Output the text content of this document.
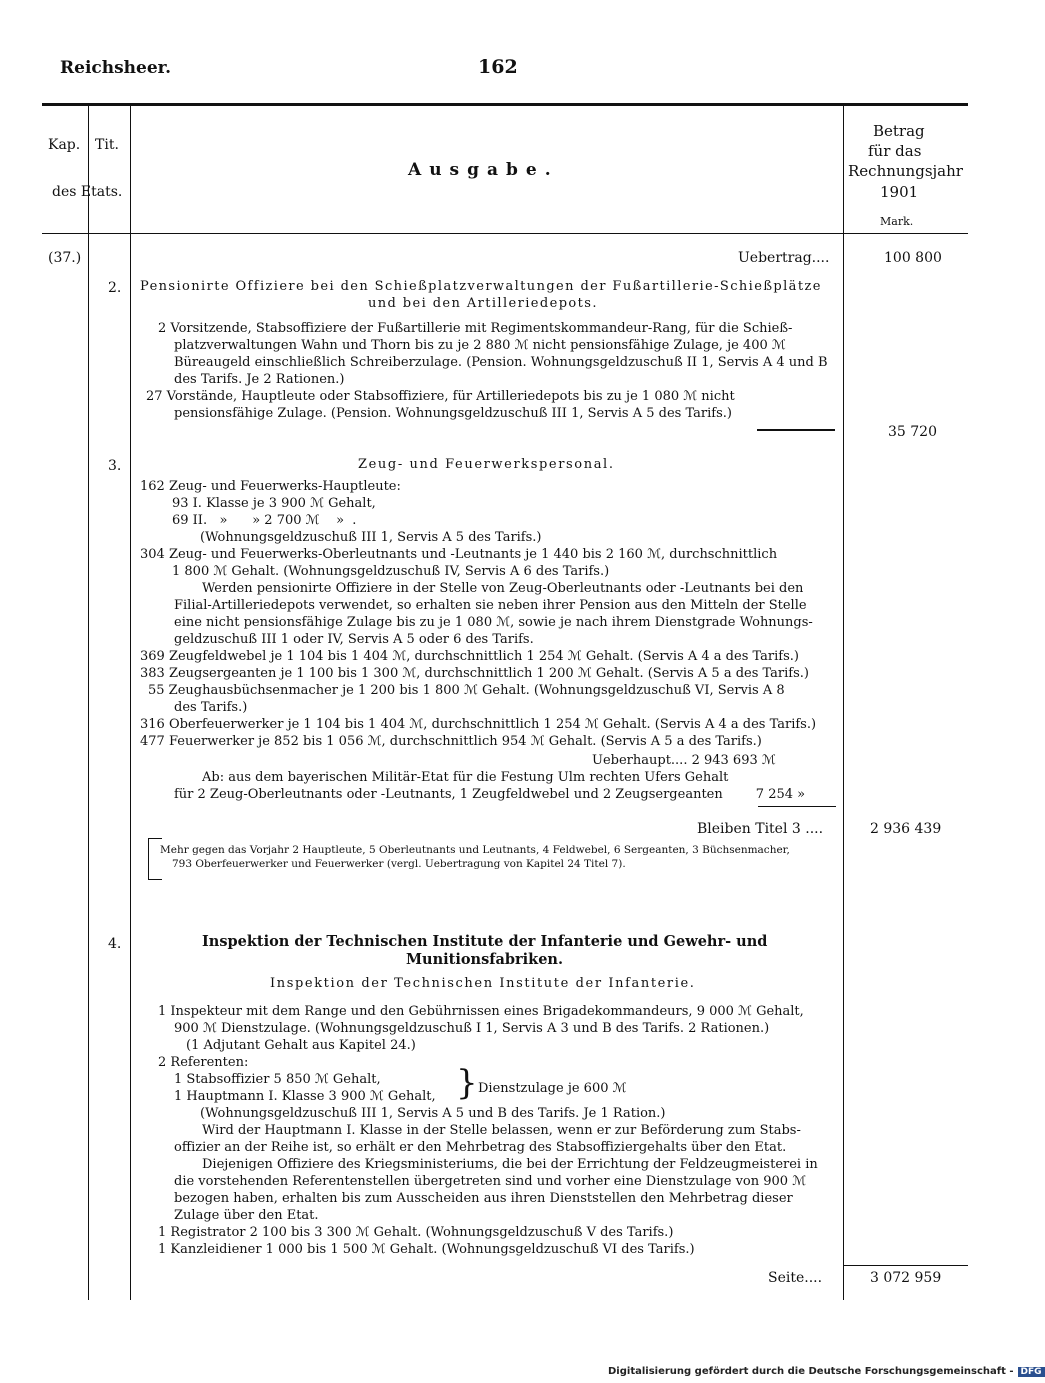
Reichsheer.	162
Kap. Tit.
des Etats.
Ausgabe.
Betrag
für das
Rechnungsjahr
1901
Mark.
(37.)	Uebertrag....	100 800
2. Pensionirte Offiziere bei den Schießplatzverwaltungen der Fußartillerie-Schießplätze
und bei den Artilleriedepots.
2 Vorsitzende, Stabsoffiziere der Fußartillerie mit Regimentskommandeur-Rang, für die Schieß-
platzverwaltungen Wahn und Thorn bis zu je 2 880 ℳ nicht pensionsfähige Zulage, je 400 ℳ
Büreaugeld einschließlich Schreiberzulage. (Pension. Wohnungsgeldzuschuß II 1, Servis A 4 und B
des Tarifs. Je 2 Rationen.)
27 Vorstände, Hauptleute oder Stabsoffiziere, für Artilleriedepots bis zu je 1 080 ℳ nicht
pensionsfähige Zulage. (Pension. Wohnungsgeldzuschuß III 1, Servis A 5 des Tarifs.)
35 720
3.	Zeug- und Feuerwerkspersonal.
162 Zeug- und Feuerwerks-Hauptleute:
93 I. Klasse je 3 900 ℳ Gehalt,
69 II.   »      » 2 700 ℳ    »  .
(Wohnungsgeldzuschuß III 1, Servis A 5 des Tarifs.)
304 Zeug- und Feuerwerks-Oberleutnants und -Leutnants je 1 440 bis 2 160 ℳ, durchschnittlich
1 800 ℳ Gehalt. (Wohnungsgeldzuschuß IV, Servis A 6 des Tarifs.)
Werden pensionirte Offiziere in der Stelle von Zeug-Oberleutnants oder -Leutnants bei den
Filial-Artilleriedepots verwendet, so erhalten sie neben ihrer Pension aus den Mitteln der Stelle
eine nicht pensionsfähige Zulage bis zu je 1 080 ℳ, sowie je nach ihrem Dienstgrade Wohnungs-
geldzuschuß III 1 oder IV, Servis A 5 oder 6 des Tarifs.
369 Zeugfeldwebel je 1 104 bis 1 404 ℳ, durchschnittlich 1 254 ℳ Gehalt. (Servis A 4 a des Tarifs.)
383 Zeugsergeanten je 1 100 bis 1 300 ℳ, durchschnittlich 1 200 ℳ Gehalt. (Servis A 5 a des Tarifs.)
55 Zeughausbüchsenmacher je 1 200 bis 1 800 ℳ Gehalt. (Wohnungsgeldzuschuß VI, Servis A 8
des Tarifs.)
316 Oberfeuerwerker je 1 104 bis 1 404 ℳ, durchschnittlich 1 254 ℳ Gehalt. (Servis A 4 a des Tarifs.)
477 Feuerwerker je 852 bis 1 056 ℳ, durchschnittlich 954 ℳ Gehalt. (Servis A 5 a des Tarifs.)
Ueberhaupt.... 2 943 693 ℳ
Ab: aus dem bayerischen Militär-Etat für die Festung Ulm rechten Ufers Gehalt
für 2 Zeug-Oberleutnants oder -Leutnants, 1 Zeugfeldwebel und 2 Zeugsergeanten        7 254 »
Bleiben Titel 3 ....	2 936 439
Mehr gegen das Vorjahr 2 Hauptleute, 5 Oberleutnants und Leutnants, 4 Feldwebel, 6 Sergeanten, 3 Büchsenmacher,
793 Oberfeuerwerker und Feuerwerker (vergl. Uebertragung von Kapitel 24 Titel 7).
4.	Inspektion der Technischen Institute der Infanterie und Gewehr- und
Munitionsfabriken.
Inspektion der Technischen Institute der Infanterie.
1 Inspekteur mit dem Range und den Gebührnissen eines Brigadekommandeurs, 9 000 ℳ Gehalt,
900 ℳ Dienstzulage. (Wohnungsgeldzuschuß I 1, Servis A 3 und B des Tarifs. 2 Rationen.)
(1 Adjutant Gehalt aus Kapitel 24.)
2 Referenten:
1 Stabsoffizier 5 850 ℳ Gehalt,
1 Hauptmann I. Klasse 3 900 ℳ Gehalt, } Dienstzulage je 600 ℳ
(Wohnungsgeldzuschuß III 1, Servis A 5 und B des Tarifs. Je 1 Ration.)
Wird der Hauptmann I. Klasse in der Stelle belassen, wenn er zur Beförderung zum Stabs-
offizier an der Reihe ist, so erhält er den Mehrbetrag des Stabsoffiziergehalts über den Etat.
Diejenigen Offiziere des Kriegsministeriums, die bei der Errichtung der Feldzeugmeisterei in
die vorstehenden Referentenstellen übergetreten sind und vorher eine Dienstzulage von 900 ℳ
bezogen haben, erhalten bis zum Ausscheiden aus ihren Dienststellen den Mehrbetrag dieser
Zulage über den Etat.
1 Registrator 2 100 bis 3 300 ℳ Gehalt. (Wohnungsgeldzuschuß V des Tarifs.)
1 Kanzleidiener 1 000 bis 1 500 ℳ Gehalt. (Wohnungsgeldzuschuß VI des Tarifs.)
Seite....	3 072 959
Digitalisierung gefördert durch die Deutsche Forschungsgemeinschaft - DFG
